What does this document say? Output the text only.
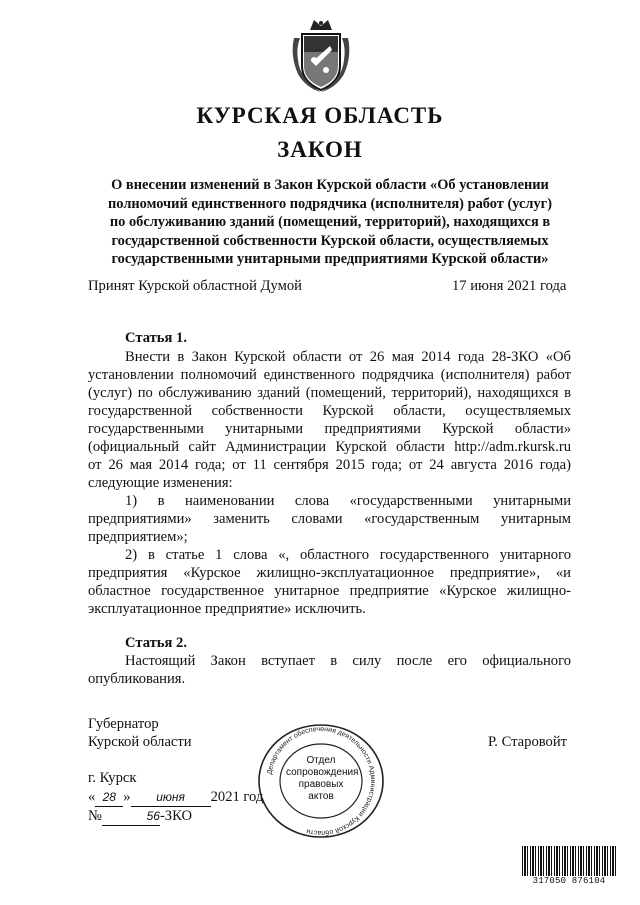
КУРСКАЯ ОБЛАСТЬ
ЗАКОН
О внесении изменений в Закон Курской области «Об установлении
полномочий единственного подрядчика (исполнителя) работ (услуг)
по обслуживанию зданий (помещений, территорий), находящихся в
государственной собственности Курской области, осуществляемых
государственными унитарными предприятиями Курской области»
Принят Курской областной Думой	17 июня 2021 года
Статья 1.
Внести в Закон Курской области от 26 мая 2014 года 28-ЗКО «Об
установлении полномочий единственного подрядчика (исполнителя) работ
(услуг) по обслуживанию зданий (помещений, территорий), находящихся в
государственной собственности Курской области, осуществляемых
государственными унитарными предприятиями Курской области»
(официальный сайт Администрации Курской области http://adm.rkursk.ru
от 26 мая 2014 года; от 11 сентября 2015 года; от 24 августа 2016 года)
следующие изменения:
1) в наименовании слова «государственными унитарными
предприятиями» заменить словами «государственным унитарным
предприятием»;
2) в статье 1 слова «, областного государственного унитарного
предприятия «Курское жилищно-эксплуатационное предприятие», «и
областное государственное унитарное предприятие «Курское жилищно-
эксплуатационное предприятие» исключить.
Статья 2.
Настоящий Закон вступает в силу после его официального
опубликования.
Губернатор
Курской области	Р. Старовойт
г. Курск
« 28 » июня 2021 год
№	56-ЗКО
Департамент обеспечения деятельности Администрации Курской области
Отдел
сопровождения
правовых
актов
317050 876104
